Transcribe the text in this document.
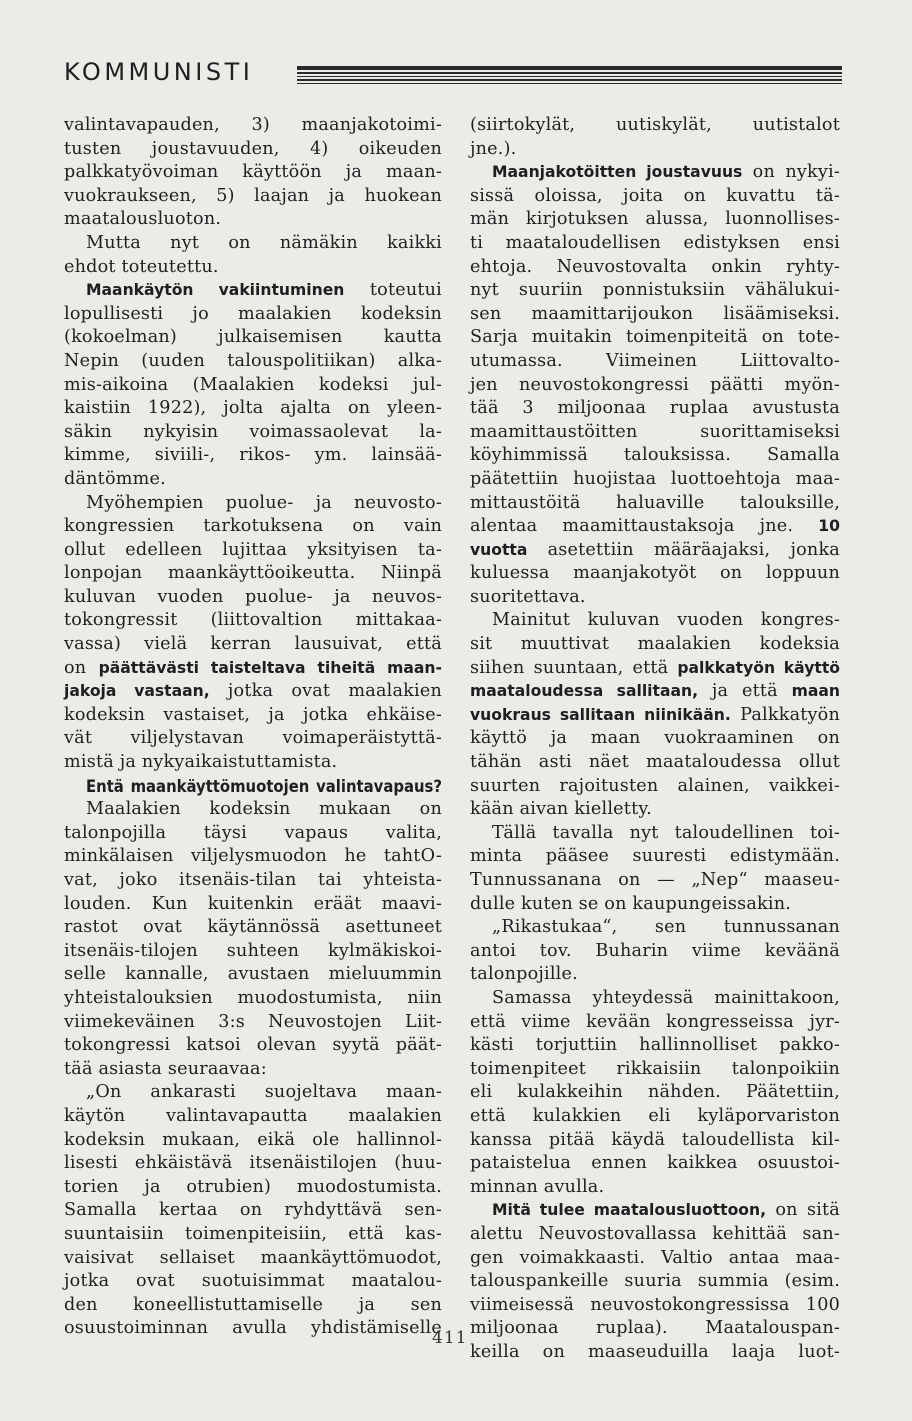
KOMMUNISTI
valintavapauden, 3) maanjakotoimi-
tusten joustavuuden, 4) oikeuden
palkkatyövoiman käyttöön ja maan-
vuokraukseen, 5) laajan ja huokean
maatalousluoton.
Mutta nyt on nämäkin kaikki
ehdot toteutettu.
Maankäytön vakiintuminen toteutui
lopullisesti jo maalakien kodeksin
(kokoelman) julkaisemisen kautta
Nepin (uuden talouspolitiikan) alka-
mis-aikoina (Maalakien kodeksi jul-
kaistiin 1922), jolta ajalta on yleen-
säkin nykyisin voimassaolevat la-
kimme, siviili-, rikos- ym. lainsää-
däntömme.
Myöhempien puolue- ja neuvosto-
kongressien tarkotuksena on vain
ollut edelleen lujittaa yksityisen ta-
lonpojan maankäyttöoikeutta. Niinpä
kuluvan vuoden puolue- ja neuvos-
tokongressit (liittovaltion mittakaa-
vassa) vielä kerran lausuivat, että
on päättävästi taisteltava tiheitä maan-
jakoja vastaan, jotka ovat maalakien
kodeksin vastaiset, ja jotka ehkäise-
vät viljelystavan voimaperäistyttä-
mistä ja nykyaikaistuttamista.
Entä maankäyttömuotojen valintavapaus?
Maalakien kodeksin mukaan on
talonpojilla täysi vapaus valita,
minkälaisen viljelysmuodon he tahtO-
vat, joko itsenäis-tilan tai yhteista-
louden. Kun kuitenkin eräät maavi-
rastot ovat käytännössä asettuneet
itsenäis-tilojen suhteen kylmäkiskoi-
selle kannalle, avustaen mieluummin
yhteistalouksien muodostumista, niin
viimekeväinen 3:s Neuvostojen Liit-
tokongressi katsoi olevan syytä päät-
tää asiasta seuraavaa:
„On ankarasti suojeltava maan-
käytön valintavapautta maalakien
kodeksin mukaan, eikä ole hallinnol-
lisesti ehkäistävä itsenäistilojen (huu-
torien ja otrubien) muodostumista.
Samalla kertaa on ryhdyttävä sen-
suuntaisiin toimenpiteisiin, että kas-
vaisivat sellaiset maankäyttömuodot,
jotka ovat suotuisimmat maatalou-
den koneellistuttamiselle ja sen
osuustoiminnan avulla yhdistämiselle
(siirtokylät, uutiskylät, uutistalot
jne.).
Maanjakotöitten joustavuus on nykyi-
sissä oloissa, joita on kuvattu tä-
män kirjotuksen alussa, luonnollises-
ti maataloudellisen edistyksen ensi
ehtoja. Neuvostovalta onkin ryhty-
nyt suuriin ponnistuksiin vähälukui-
sen maamittarijoukon lisäämiseksi.
Sarja muitakin toimenpiteitä on tote-
utumassa. Viimeinen Liittovalto-
jen neuvostokongressi päätti myön-
tää 3 miljoonaa ruplaa avustusta
maamittaustöitten suorittamiseksi
köyhimmissä talouksissa. Samalla
päätettiin huojistaa luottoehtoja maa-
mittaustöitä haluaville talouksille,
alentaa maamittaustaksoja jne. 10
vuotta asetettiin määräajaksi, jonka
kuluessa maanjakotyöt on loppuun
suoritettava.
Mainitut kuluvan vuoden kongres-
sit muuttivat maalakien kodeksia
siihen suuntaan, että palkkatyön käyttö
maataloudessa sallitaan, ja että maan
vuokraus sallitaan niinikään. Palkkatyön
käyttö ja maan vuokraaminen on
tähän asti näet maataloudessa ollut
suurten rajoitusten alainen, vaikkei-
kään aivan kielletty.
Tällä tavalla nyt taloudellinen toi-
minta pääsee suuresti edistymään.
Tunnussanana on — „Nep“ maaseu-
dulle kuten se on kaupungeissakin.
„Rikastukaa“, sen tunnussanan
antoi tov. Buharin viime keväänä
talonpojille.
Samassa yhteydessä mainittakoon,
että viime kevään kongresseissa jyr-
kästi torjuttiin hallinnolliset pakko-
toimenpiteet rikkaisiin talonpoikiin
eli kulakkeihin nähden. Päätettiin,
että kulakkien eli kyläporvariston
kanssa pitää käydä taloudellista kil-
pataistelua ennen kaikkea osuustoi-
minnan avulla.
Mitä tulee maatalousluottoon, on sitä
alettu Neuvostovallassa kehittää san-
gen voimakkaasti. Valtio antaa maa-
talouspankeille suuria summia (esim.
viimeisessä neuvostokongressissa 100
miljoonaa ruplaa). Maatalouspan-
keilla on maaseuduilla laaja luot-
411
